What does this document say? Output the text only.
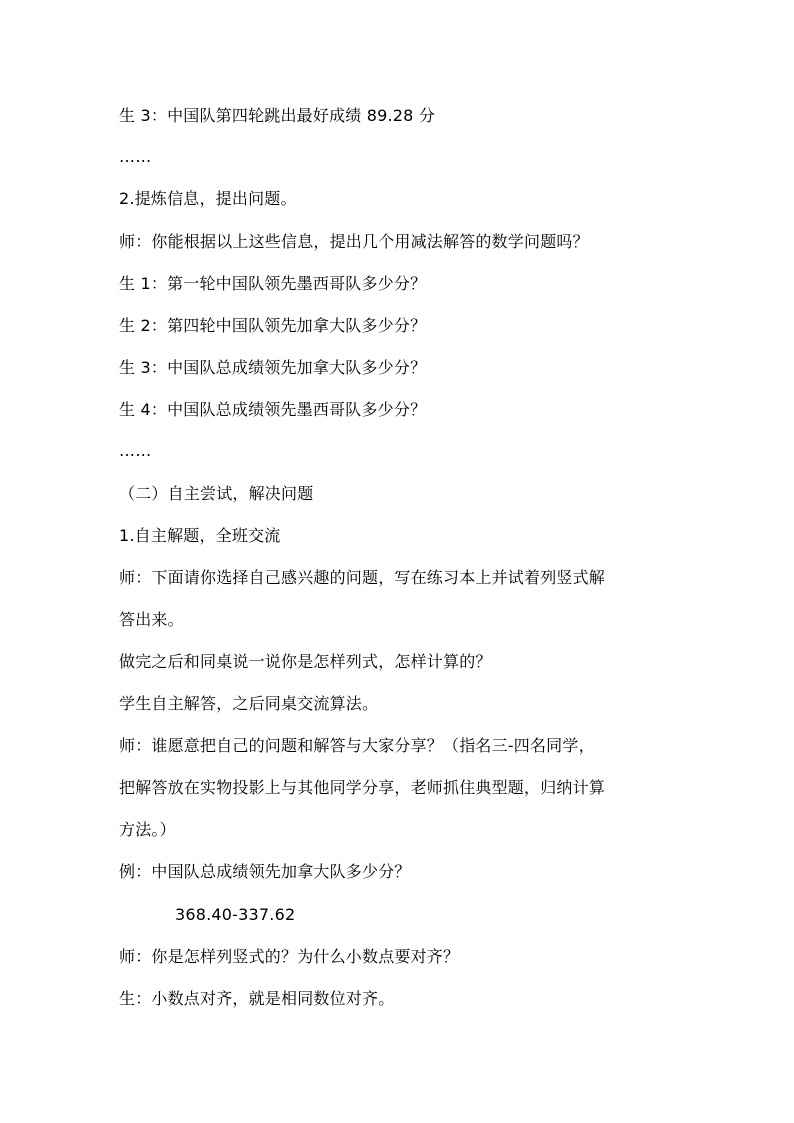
生 3：中国队第四轮跳出最好成绩 89.28 分
……
2.提炼信息，提出问题。
师：你能根据以上这些信息，提出几个用减法解答的数学问题吗？
生 1：第一轮中国队领先墨西哥队多少分？
生 2：第四轮中国队领先加拿大队多少分？
生 3：中国队总成绩领先加拿大队多少分？
生 4：中国队总成绩领先墨西哥队多少分？
……
（二）自主尝试，解决问题
1.自主解题，全班交流
师：下面请你选择自己感兴趣的问题，写在练习本上并试着列竖式解
答出来。
做完之后和同桌说一说你是怎样列式，怎样计算的？
学生自主解答，之后同桌交流算法。
师：谁愿意把自己的问题和解答与大家分享？（指名三-四名同学，
把解答放在实物投影上与其他同学分享，老师抓住典型题，归纳计算
方法。）
例：中国队总成绩领先加拿大队多少分？
368.40-337.62
师：你是怎样列竖式的？为什么小数点要对齐？
生：小数点对齐，就是相同数位对齐。
